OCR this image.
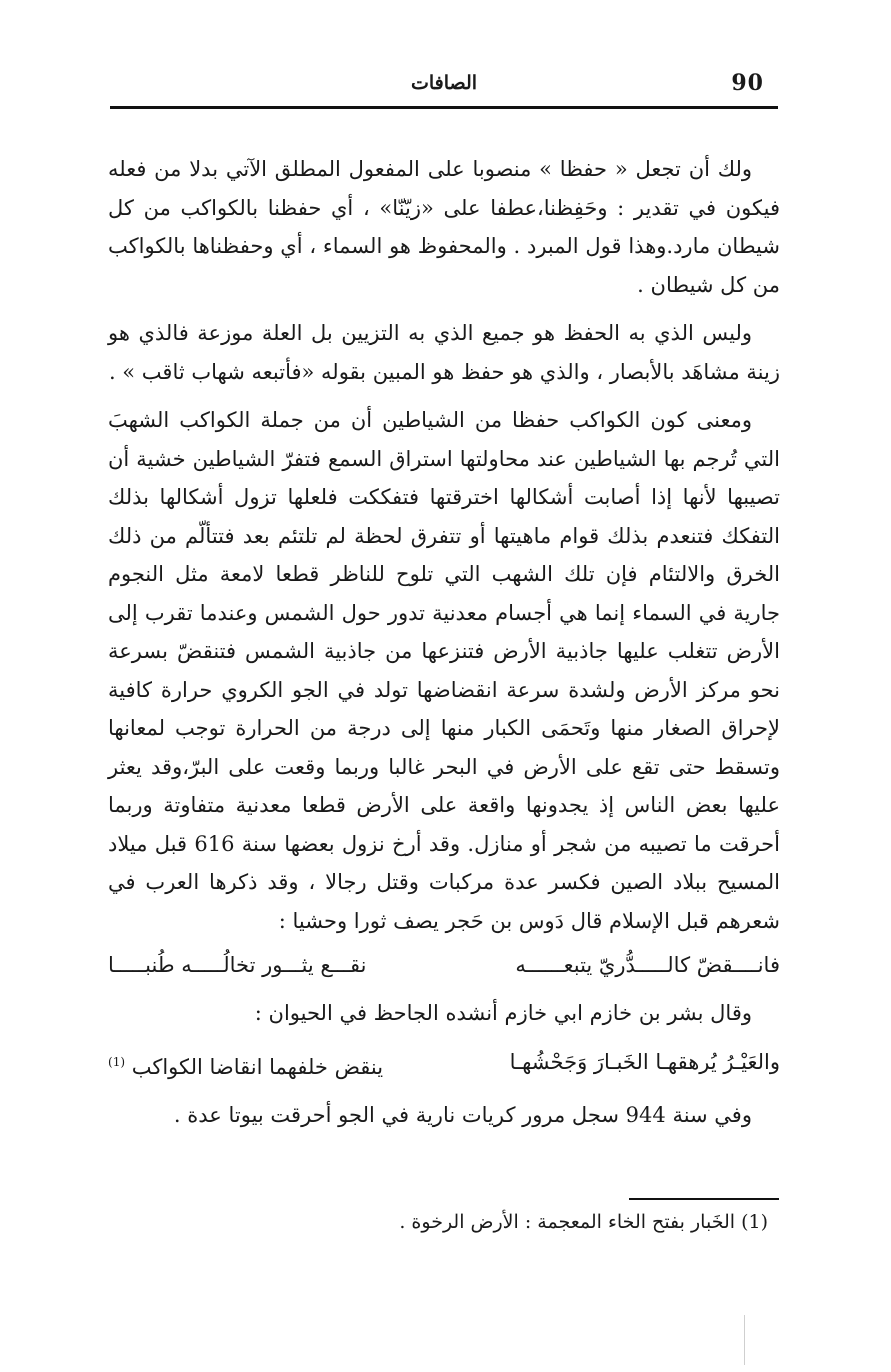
90
الصافات

ولك أن تجعل « حفظا » منصوبا على المفعول المطلق الآتي بدلا من فعله فيكون في تقدير : وحَفِظنا،عطفا على «زيّنّا» ، أي حفظنا بالكواكب من كل شيطان مارد.وهذا قول المبرد . والمحفوظ هو السماء ، أي وحفظناها بالكواكب من كل شيطان .

وليس الذي به الحفظ هو جميع الذي به التزيين بل العلة موزعة فالذي هو زينة مشاهَد بالأبصار ، والذي هو حفظ هو المبين بقوله «فأتبعه شهاب ثاقب » .

ومعنى كون الكواكب حفظا من الشياطين أن من جملة الكواكب الشهبَ التي تُرجم بها الشياطين عند محاولتها استراق السمع فتفرّ الشياطين خشية أن تصيبها لأنها إذا أصابت أشكالها اخترقتها فتفككت فلعلها تزول أشكالها بذلك التفكك فتنعدم بذلك قوام ماهيتها أو تتفرق لحظة لم تلتئم بعد فتتألّم من ذلك الخرق والالتئام فإن تلك الشهب التي تلوح للناظر قطعا لامعة مثل النجوم جارية في السماء إنما هي أجسام معدنية تدور حول الشمس وعندما تقرب إلى الأرض تتغلب عليها جاذبية الأرض فتنزعها من جاذبية الشمس فتنقضّ بسرعة نحو مركز الأرض ولشدة سرعة انقضاضها تولد في الجو الكروي حرارة كافية لإحراق الصغار منها وتَحمَى الكبار منها إلى درجة من الحرارة توجب لمعانها وتسقط حتى تقع على الأرض في البحر غالبا وربما وقعت على البرّ،وقد يعثر عليها بعض الناس إذ يجدونها واقعة على الأرض قطعا معدنية متفاوتة وربما أحرقت ما تصيبه من شجر أو منازل. وقد أرخ نزول بعضها سنة 616 قبل ميلاد المسيح ببلاد الصين فكسر عدة مركبات وقتل رجالا ، وقد ذكرها العرب في شعرهم قبل الإسلام قال دَوس بن حَجر يصف ثورا وحشيا :

فانــــقضّ كالـــــدُّريّ يتبعــــــه
نقـــع يثـــور تخالُـــــه طُنبـــــا

وقال بشر بن خازم ابي خازم أنشده الجاحظ في الحيوان :

والعَيْـرُ يُرهقهـا الخَبـارَ وَجَحْشُهـا
ينقض خلفهما انقاضا الكواكب $^{(1)}$

وفي سنة 944 سجل مرور كريات نارية في الجو أحرقت بيوتا عدة .

(1) الخَبار بفتح الخاء المعجمة : الأرض الرخوة .
